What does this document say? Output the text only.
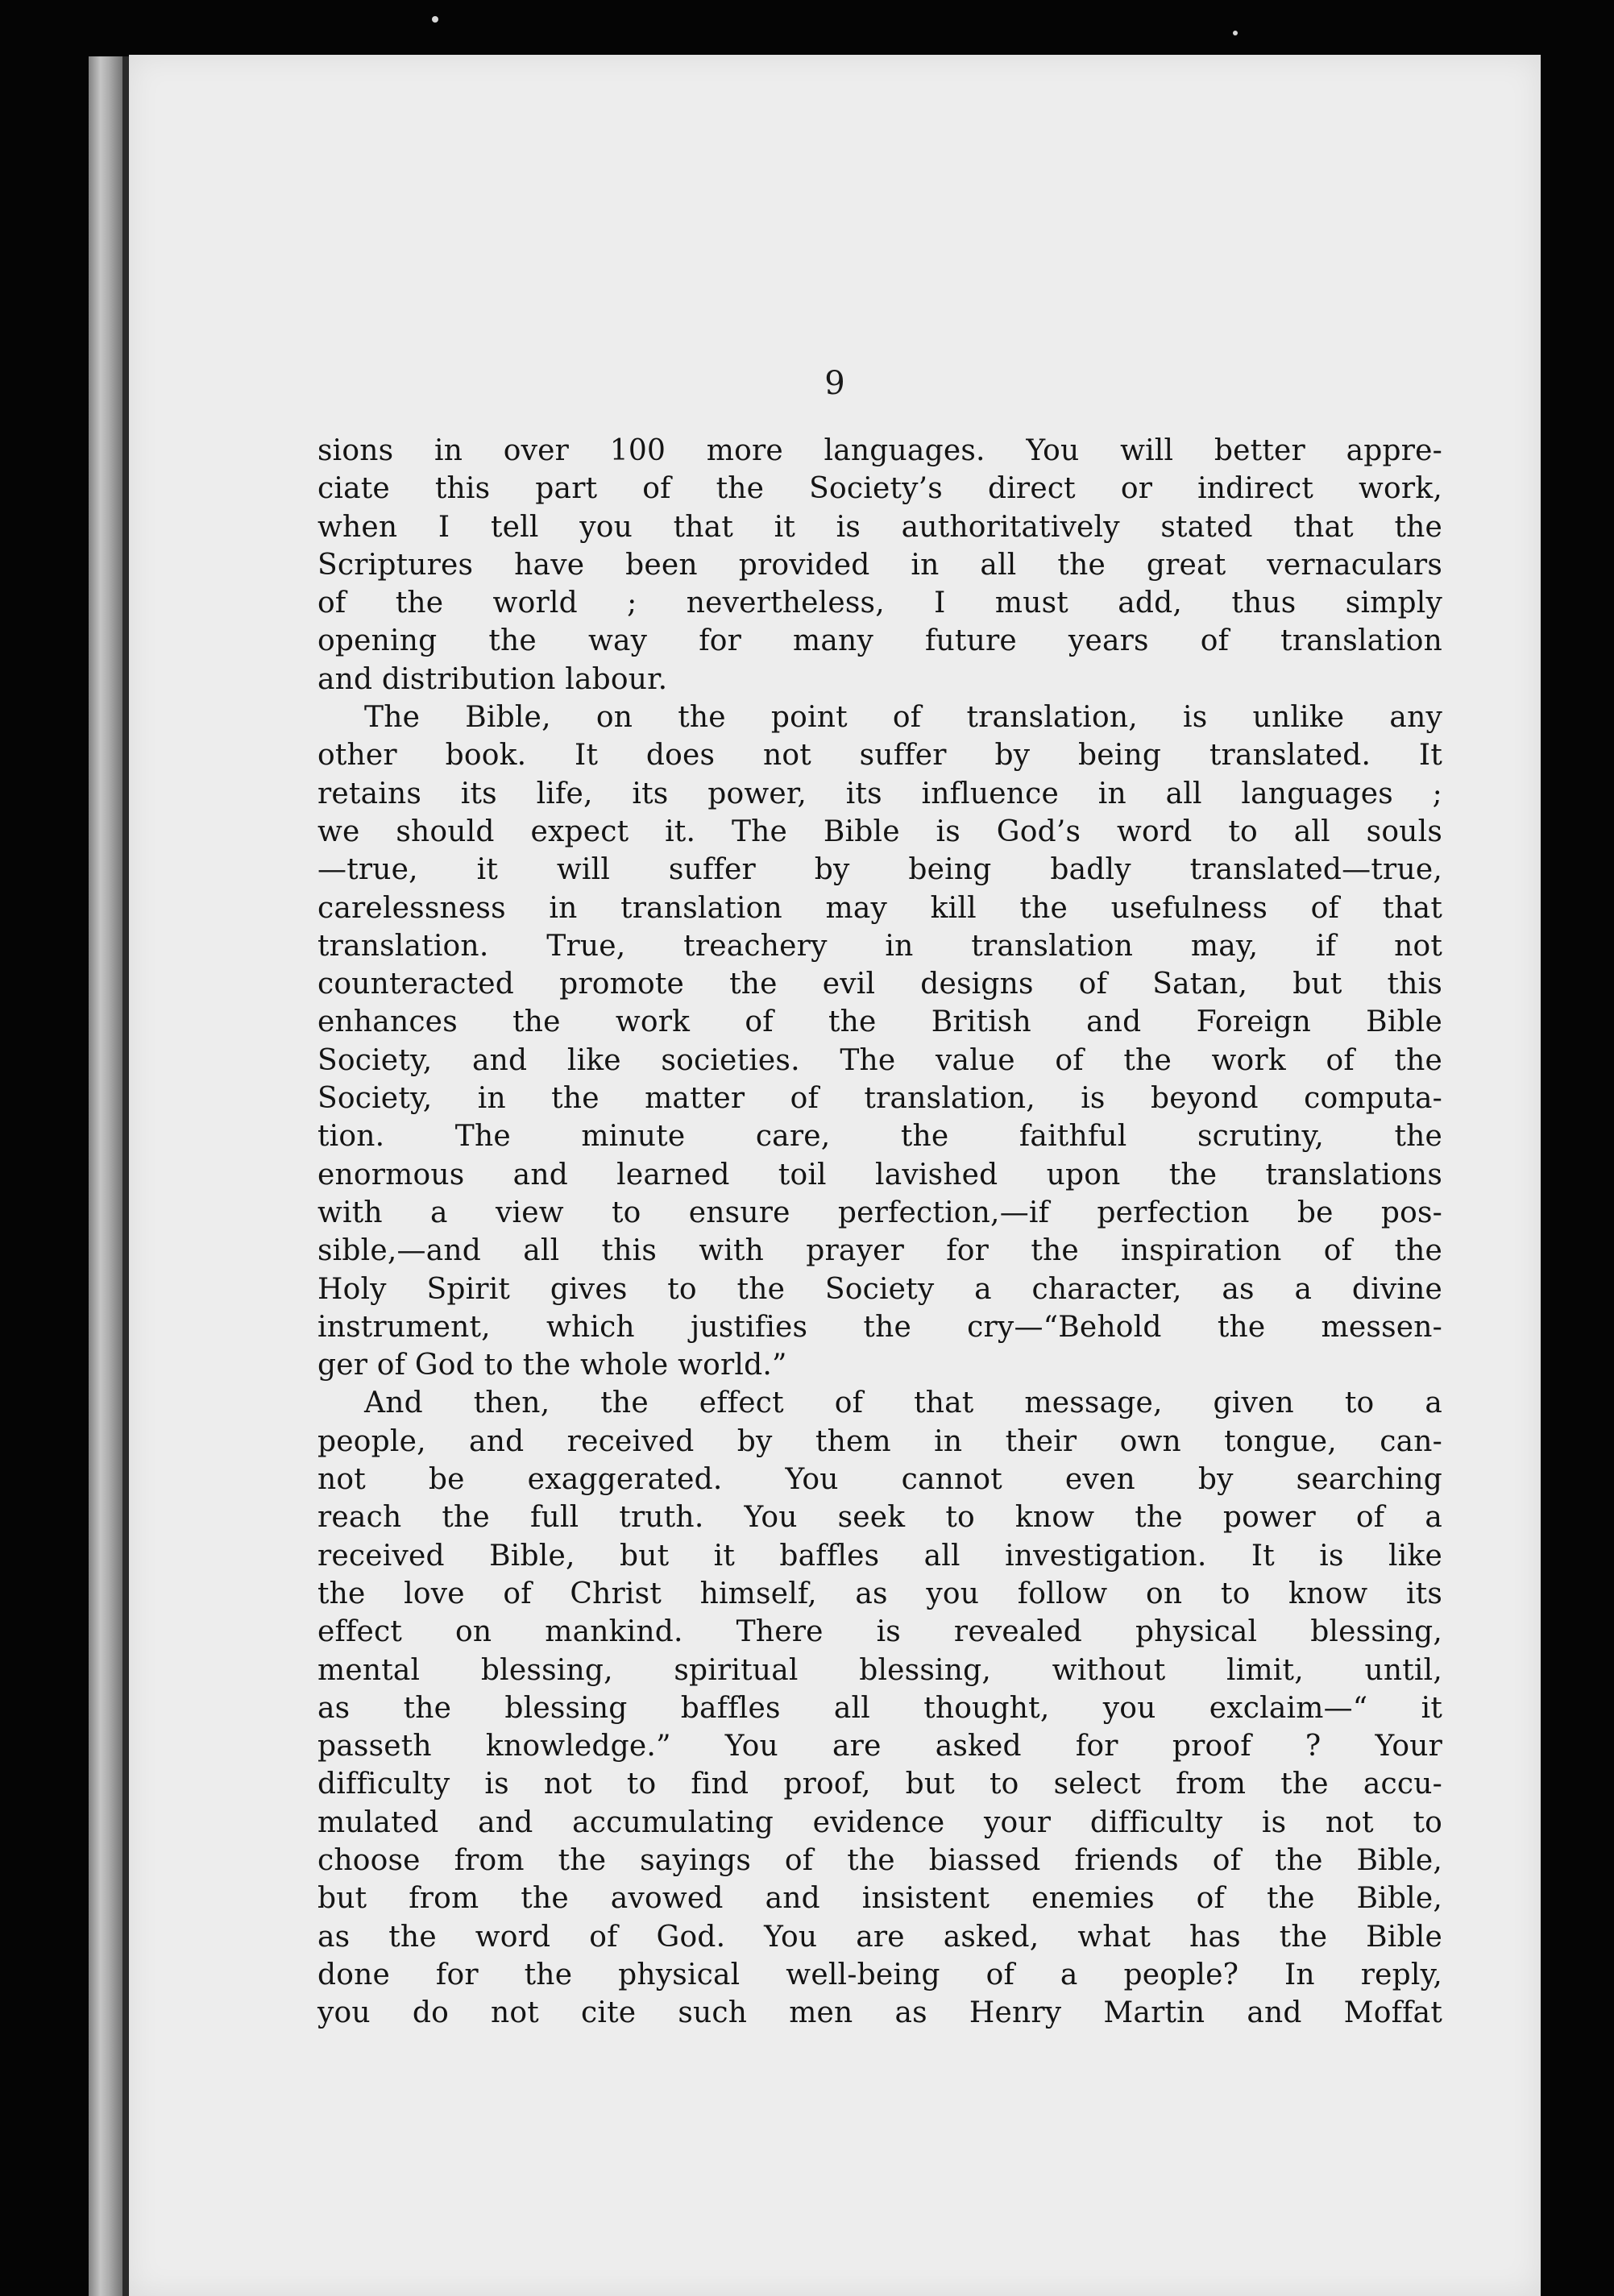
9
sions in over 100 more languages. You will better appre-
ciate this part of the Society’s direct or indirect work,
when I tell you that it is authoritatively stated that the
Scriptures have been provided in all the great vernaculars
of the world ; nevertheless, I must add, thus simply
opening the way for many future years of translation
and distribution labour.
The Bible, on the point of translation, is unlike any
other book. It does not suffer by being translated. It
retains its life, its power, its influence in all languages ;
we should expect it. The Bible is God’s word to all souls
—true, it will suffer by being badly translated—true,
carelessness in translation may kill the usefulness of that
translation. True, treachery in translation may, if not
counteracted promote the evil designs of Satan, but this
enhances the work of the British and Foreign Bible
Society, and like societies. The value of the work of the
Society, in the matter of translation, is beyond computa-
tion. The minute care, the faithful scrutiny, the
enormous and learned toil lavished upon the translations
with a view to ensure perfection,—if perfection be pos-
sible,—and all this with prayer for the inspiration of the
Holy Spirit gives to the Society a character, as a divine
instrument, which justifies the cry—“Behold the messen-
ger of God to the whole world.”
And then, the effect of that message, given to a
people, and received by them in their own tongue, can-
not be exaggerated. You cannot even by searching
reach the full truth. You seek to know the power of a
received Bible, but it baffles all investigation. It is like
the love of Christ himself, as you follow on to know its
effect on mankind. There is revealed physical blessing,
mental blessing, spiritual blessing, without limit, until,
as the blessing baffles all thought, you exclaim—“ it
passeth knowledge.” You are asked for proof ? Your
difficulty is not to find proof, but to select from the accu-
mulated and accumulating evidence your difficulty is not to
choose from the sayings of the biassed friends of the Bible,
but from the avowed and insistent enemies of the Bible,
as the word of God. You are asked, what has the Bible
done for the physical well-being of a people? In reply,
you do not cite such men as Henry Martin and Moffat
